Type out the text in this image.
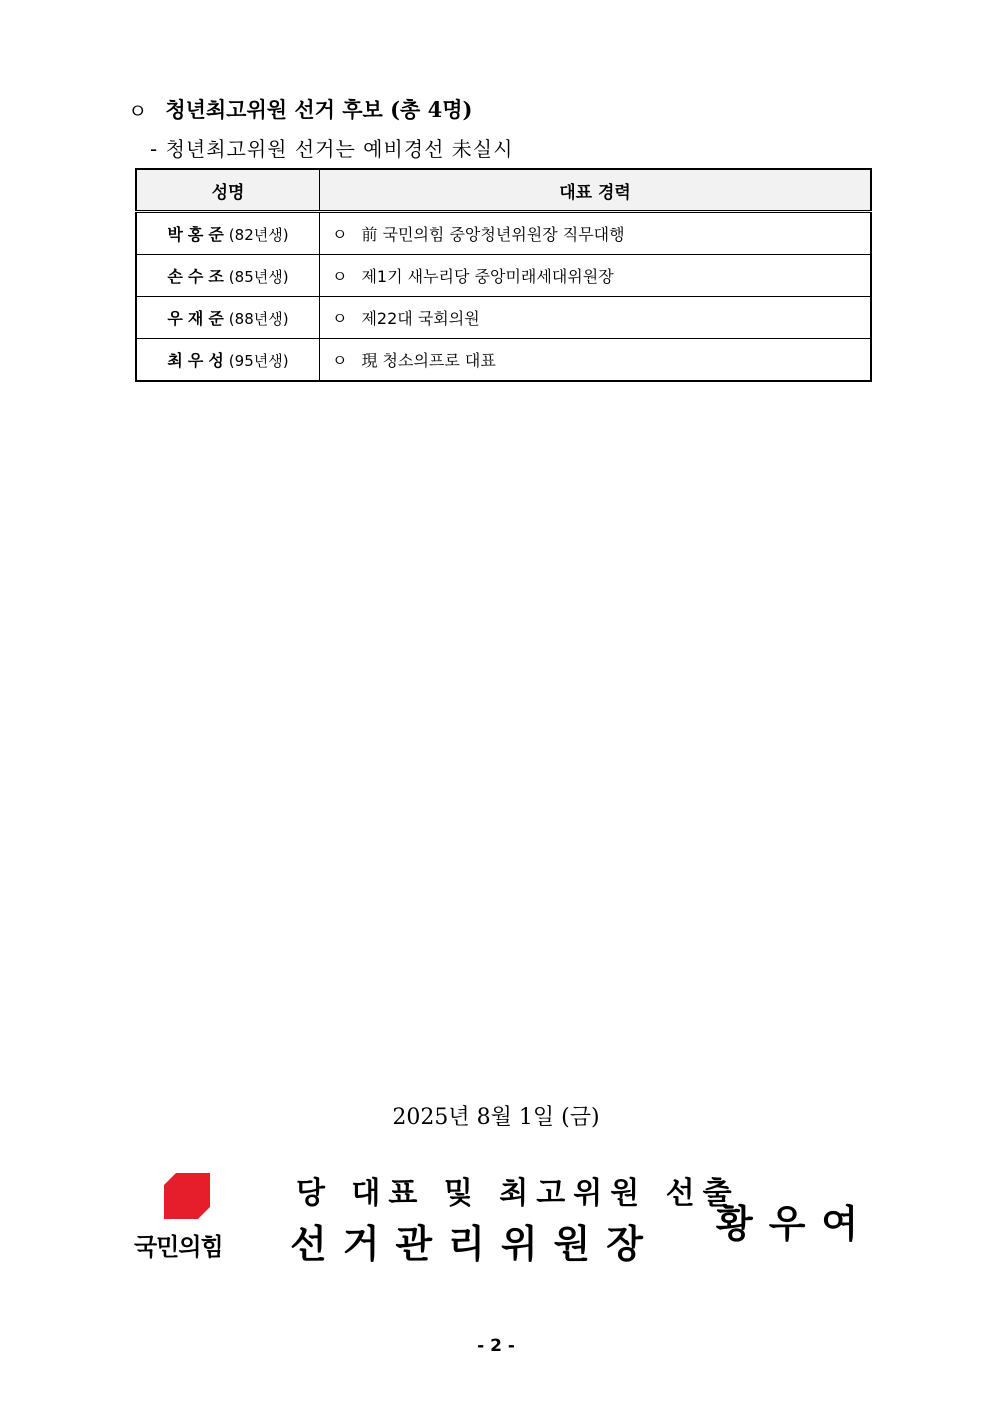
ㅇ 청년최고위원 선거 후보 (총 4명)
- 청년최고위원 선거는 예비경선 未실시
성명	대표 경력
박홍준(82년생)	ㅇ 前 국민의힘 중앙청년위원장 직무대행
손수조(85년생)	ㅇ 제1기 새누리당 중앙미래세대위원장
우재준(88년생)	ㅇ 제22대 국회의원
최우성(95년생)	ㅇ 現 청소의프로 대표
2025년 8월 1일 (금)
국민의힘
당 대표 및 최고위원 선출
선거관리위원장 황우여
- 2 -
